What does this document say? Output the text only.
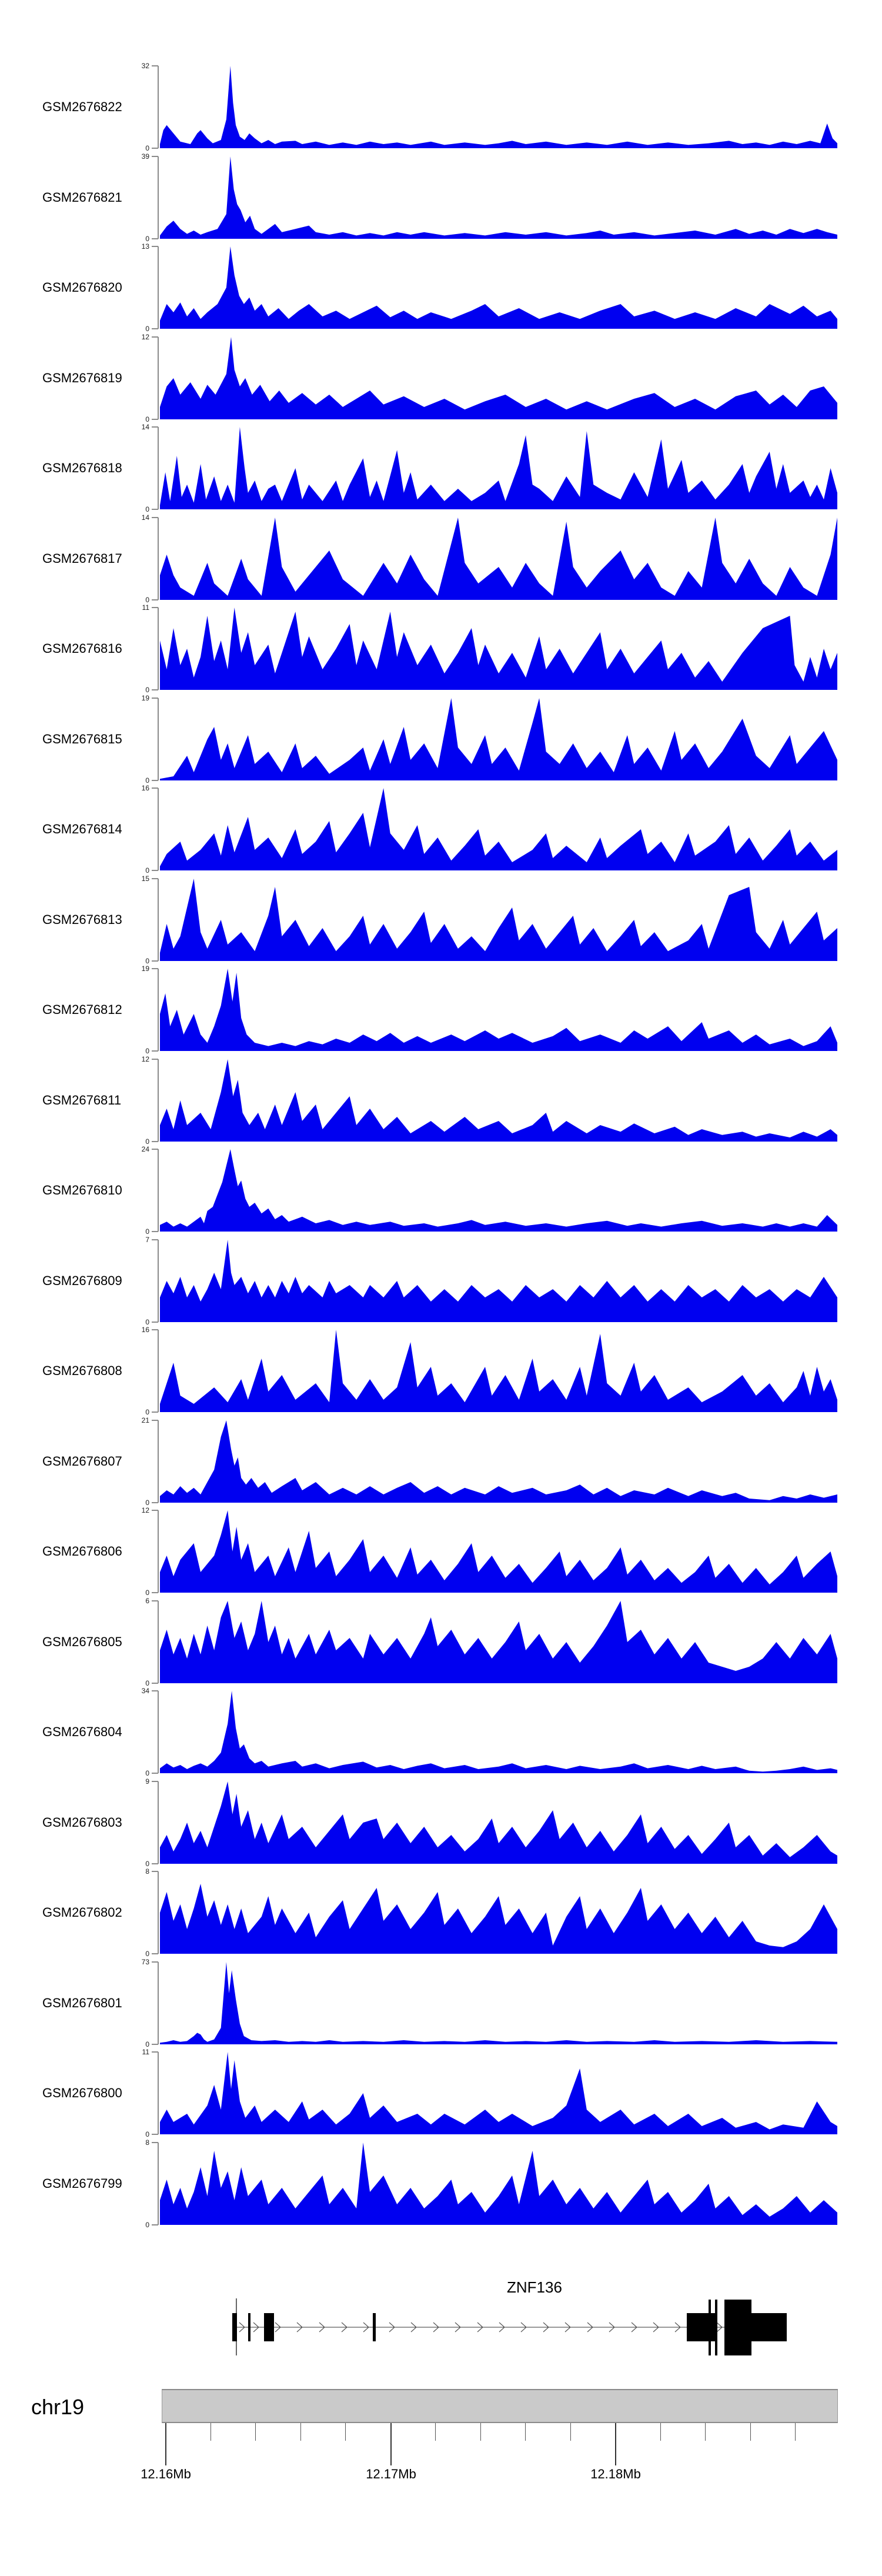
GSM2676822
32
0
GSM2676821
39
0
GSM2676820
13
0
GSM2676819
12
0
GSM2676818
14
0
GSM2676817
14
0
GSM2676816
11
0
GSM2676815
19
0
GSM2676814
16
0
GSM2676813
15
0
GSM2676812
19
0
GSM2676811
12
0
GSM2676810
24
0
GSM2676809
7
0
GSM2676808
16
0
GSM2676807
21
0
GSM2676806
12
0
GSM2676805
6
0
GSM2676804
34
0
GSM2676803
9
0
GSM2676802
8
0
GSM2676801
73
0
GSM2676800
11
0
GSM2676799
8
0
ZNF136
chr19
12.16Mb	12.17Mb	12.18Mb
